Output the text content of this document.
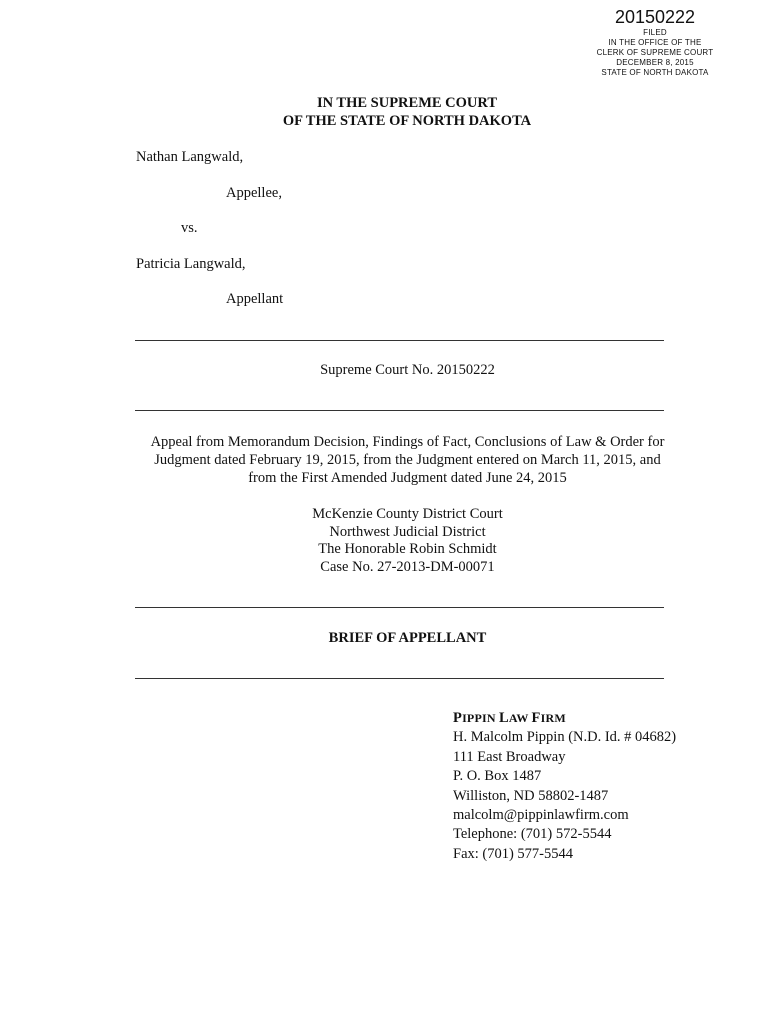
20150222
FILED
IN THE OFFICE OF THE
CLERK OF SUPREME COURT
DECEMBER 8, 2015
STATE OF NORTH DAKOTA
IN THE SUPREME COURT
OF THE STATE OF NORTH DAKOTA
Nathan Langwald,
Appellee,
vs.
Patricia Langwald,
Appellant
Supreme Court No. 20150222
Appeal from Memorandum Decision, Findings of Fact, Conclusions of Law & Order for
Judgment dated February 19, 2015, from the Judgment entered on March 11, 2015, and
from the First Amended Judgment dated June 24, 2015
McKenzie County District Court
Northwest Judicial District
The Honorable Robin Schmidt
Case No. 27-2013-DM-00071
BRIEF OF APPELLANT
PIPPIN LAW FIRM
H. Malcolm Pippin (N.D. Id. # 04682)
111 East Broadway
P. O. Box 1487
Williston, ND 58802-1487
malcolm@pippinlawfirm.com
Telephone: (701) 572-5544
Fax: (701) 577-5544
